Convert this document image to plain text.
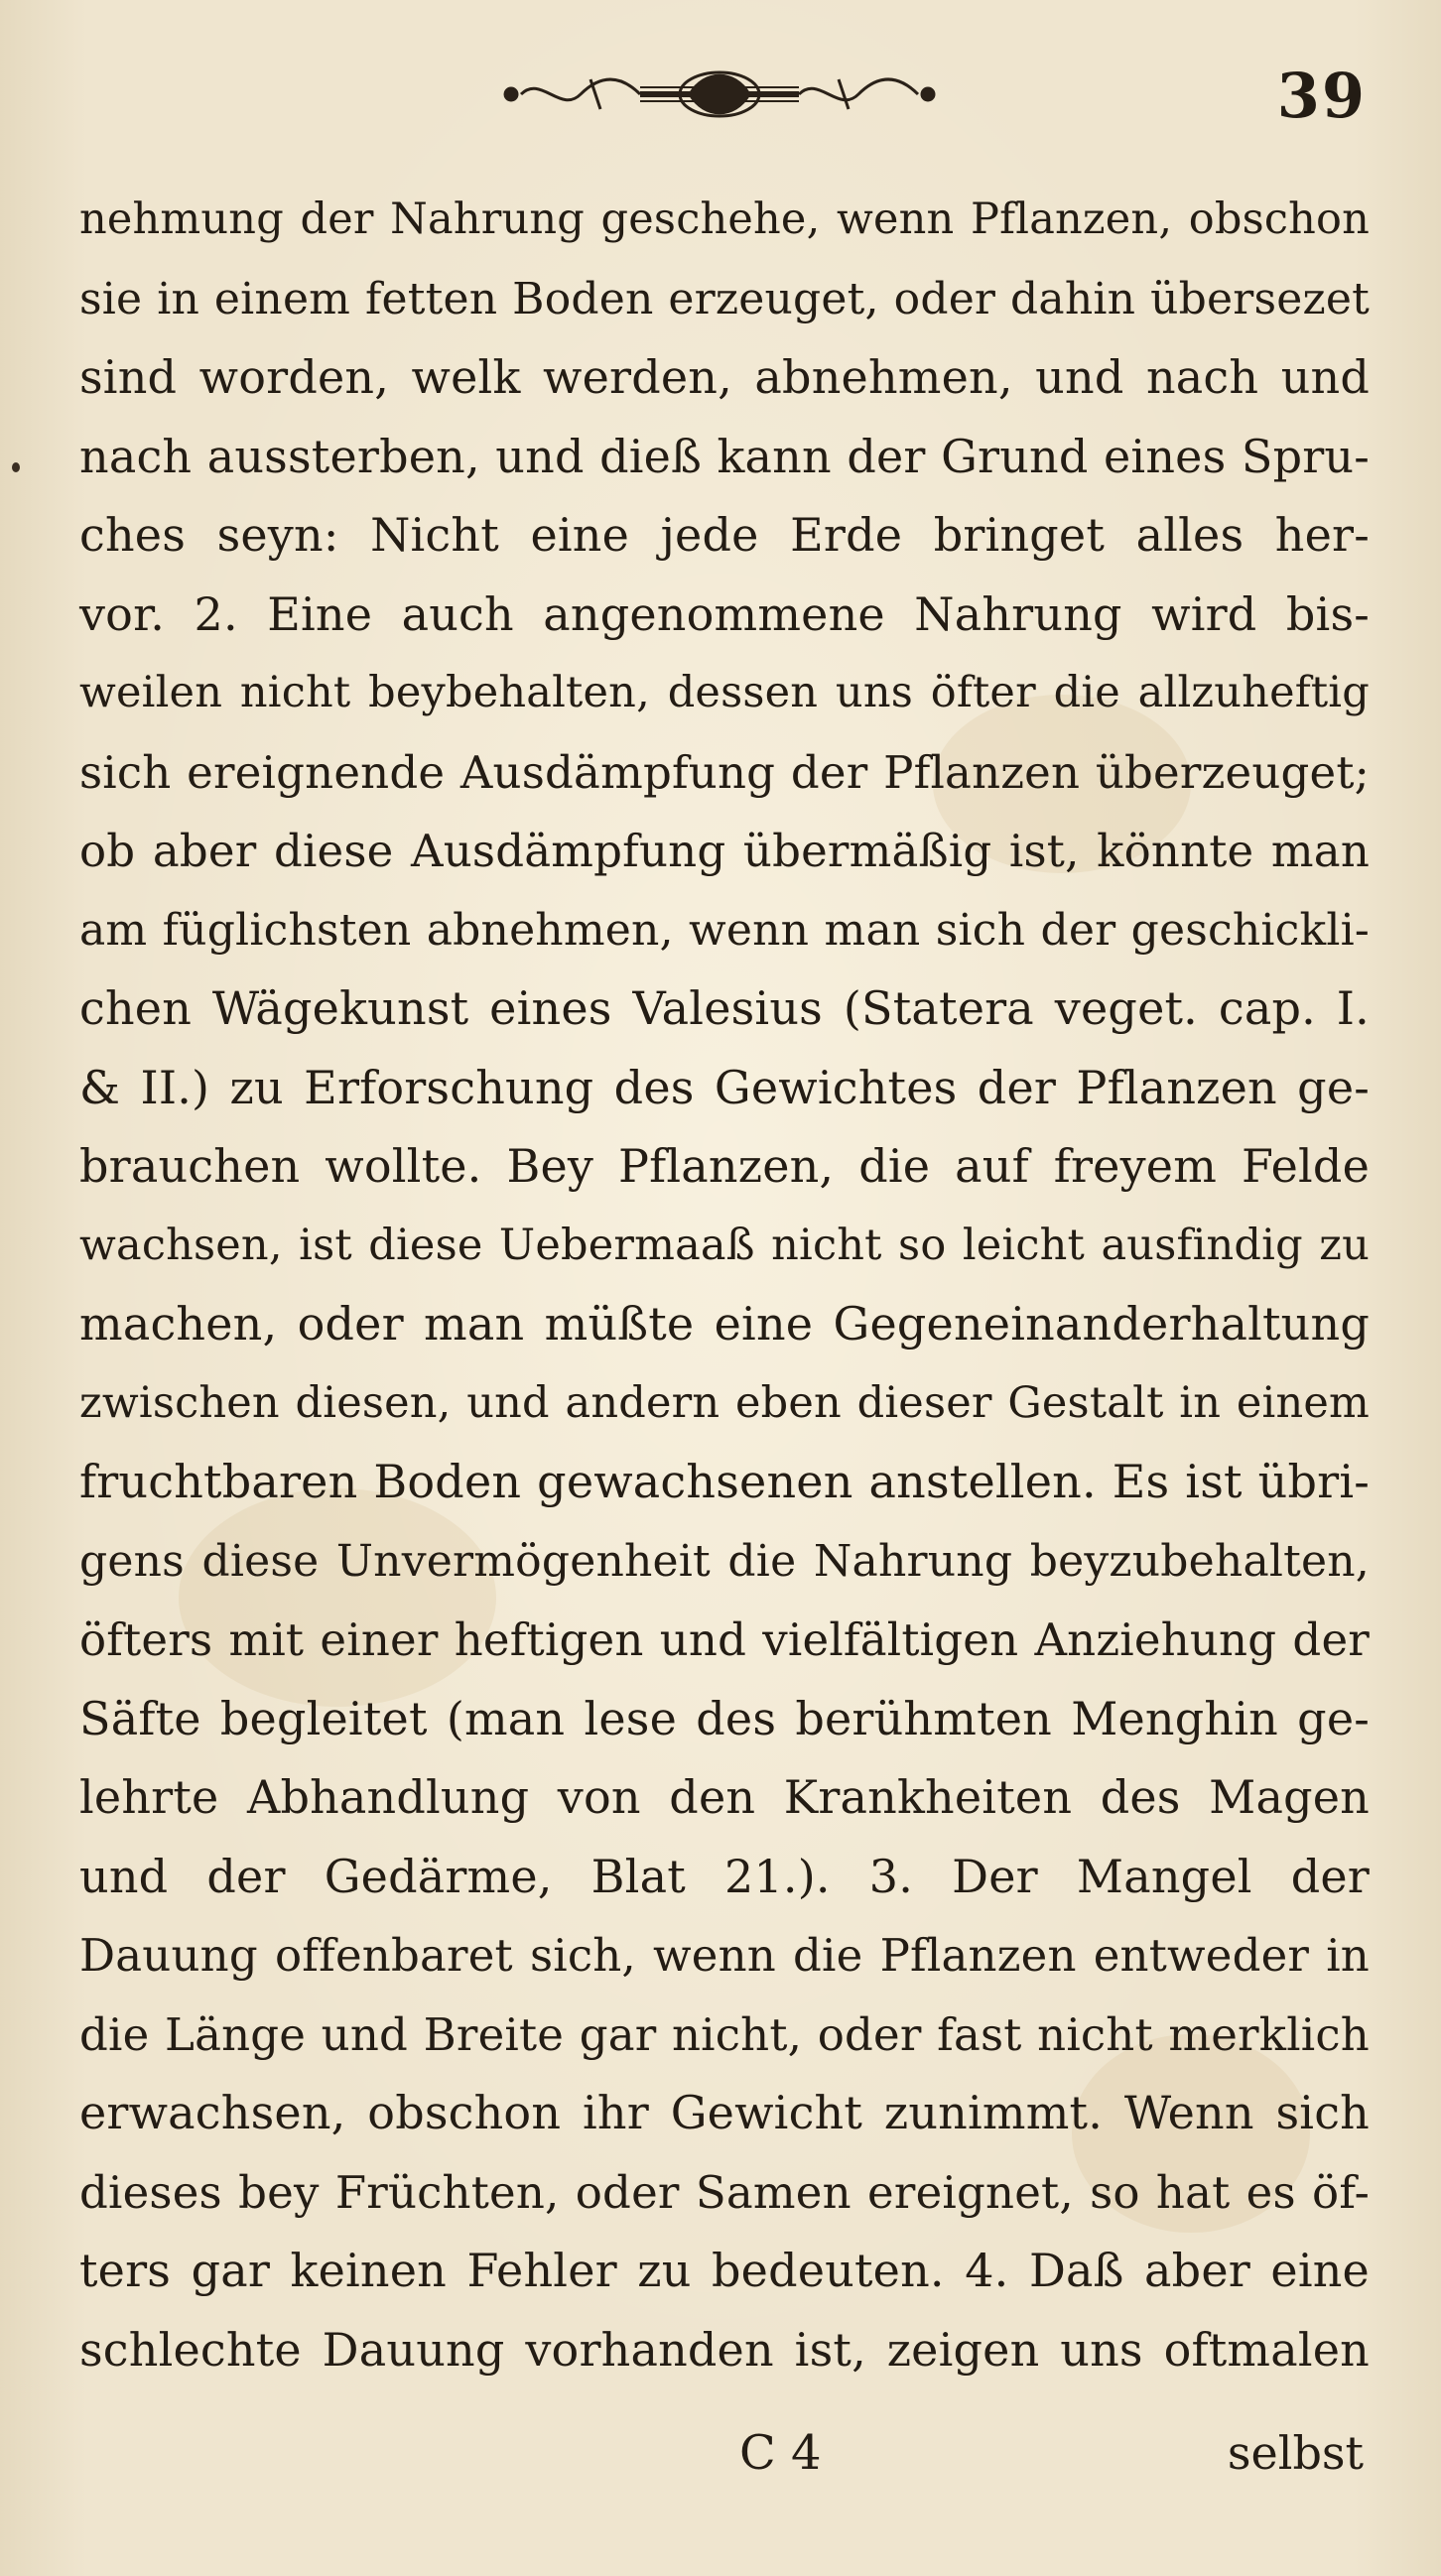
39
nehmung der Nahrung geschehe, wenn Pflanzen, obschon
sie in einem fetten Boden erzeuget, oder dahin übersezet
sind worden, welk werden, abnehmen, und nach und
nach aussterben, und dieß kann der Grund eines Spru-
ches seyn: Nicht eine jede Erde bringet alles her-
vor. 2. Eine auch angenommene Nahrung wird bis-
weilen nicht beybehalten, dessen uns öfter die allzuheftig
sich ereignende Ausdämpfung der Pflanzen überzeuget;
ob aber diese Ausdämpfung übermäßig ist, könnte man
am füglichsten abnehmen, wenn man sich der geschickli-
chen Wägekunst eines Valesius (Statera veget. cap. I.
& II.) zu Erforschung des Gewichtes der Pflanzen ge-
brauchen wollte. Bey Pflanzen, die auf freyem Felde
wachsen, ist diese Uebermaaß nicht so leicht ausfindig zu
machen, oder man müßte eine Gegeneinanderhaltung
zwischen diesen, und andern eben dieser Gestalt in einem
fruchtbaren Boden gewachsenen anstellen. Es ist übri-
gens diese Unvermögenheit die Nahrung beyzubehalten,
öfters mit einer heftigen und vielfältigen Anziehung der
Säfte begleitet (man lese des berühmten Menghin ge-
lehrte Abhandlung von den Krankheiten des Magen
und der Gedärme, Blat 21.). 3. Der Mangel der
Dauung offenbaret sich, wenn die Pflanzen entweder in
die Länge und Breite gar nicht, oder fast nicht merklich
erwachsen, obschon ihr Gewicht zunimmt. Wenn sich
dieses bey Früchten, oder Samen ereignet, so hat es öf-
ters gar keinen Fehler zu bedeuten. 4. Daß aber eine
schlechte Dauung vorhanden ist, zeigen uns oftmalen
C 4	selbst
